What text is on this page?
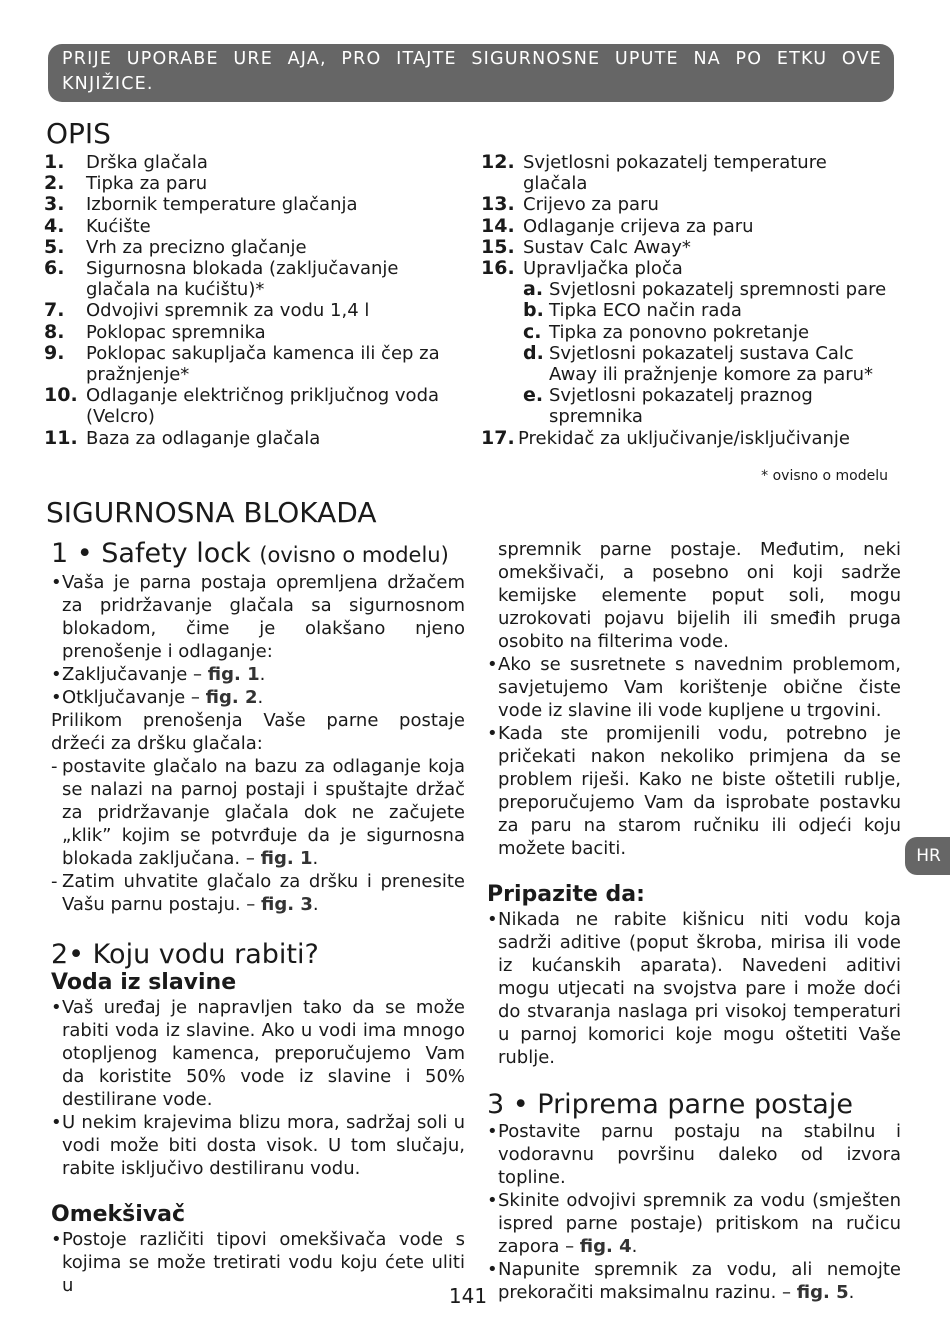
PRIJE UPORABE URE AJA, PRO ITAJTE SIGURNOSNE UPUTE NA PO ETKU OVE KNJIŽICE.
OPIS
1. Drška glačala
2. Tipka za paru
3. Izbornik temperature glačanja
4. Kućište
5. Vrh za precizno glačanje
6. Sigurnosna blokada (zaključavanje glačala na kućištu)*
7. Odvojivi spremnik za vodu 1,4 l
8. Poklopac spremnika
9. Poklopac sakupljača kamenca ili čep za pražnjenje*
10. Odlaganje električnog priključnog voda (Velcro)
11. Baza za odlaganje glačala
12. Svjetlosni pokazatelj temperature glačala
13. Crijevo za paru
14. Odlaganje crijeva za paru
15. Sustav Calc Away*
16. Upravljačka ploča
a. Svjetlosni pokazatelj spremnosti pare
b. Tipka ECO način rada
c. Tipka za ponovno pokretanje
d. Svjetlosni pokazatelj sustava Calc Away ili pražnjenje komore za paru*
e. Svjetlosni pokazatelj praznog spremnika
17. Prekidač za uključivanje/isključivanje
* ovisno o modelu
SIGURNOSNA BLOKADA
1 • Safety lock (ovisno o modelu)
• Vaša je parna postaja opremljena držačem za pridržavanje glačala sa sigurnosnom blokadom, čime je olakšano njeno prenošenje i odlaganje:
• Zaključavanje – fig. 1.
• Otključavanje – fig. 2.

Prilikom prenošenja Vaše parne postaje držeći za dršku glačala:

- postavite glačalo na bazu za odlaganje koja se nalazi na parnoj postaji i spuštajte držač za pridržavanje glačala dok ne začujete „klik” kojim se potvrđuje da je sigurnosna blokada zaključana. – fig. 1.
- Zatim uhvatite glačalo za dršku i prenesite Vašu parnu postaju. – fig. 3.
2• Koju vodu rabiti?
Voda iz slavine
• Vaš uređaj je napravljen tako da se može rabiti voda iz slavine. Ako u vodi ima mnogo otopljenog kamenca, preporučujemo Vam da koristite 50% vode iz slavine i 50% destilirane vode.
• U nekim krajevima blizu mora, sadržaj soli u vodi može biti dosta visok. U tom slučaju, rabite isključivo destiliranu vodu.
Omekšivač
• Postoje različiti tipovi omekšivača vode s kojima se može tretirati vodu koju ćete uliti u

spremnik parne postaje. Međutim, neki omekšivači, a posebno oni koji sadrže kemijske elemente poput soli, mogu uzrokovati pojavu bijelih ili smeđih pruga osobito na filterima vode.

• Ako se susretnete s navednim problemom, savjetujemo Vam korištenje obične čiste vode iz slavine ili vode kupljene u trgovini.
• Kada ste promijenili vodu, potrebno je pričekati nakon nekoliko primjena da se problem riješi. Kako ne biste oštetili rublje, preporučujemo Vam da isprobate postavku za paru na starom ručniku ili odjeći koju možete baciti.
Pripazite da:
• Nikada ne rabite kišnicu niti vodu koja sadrži aditive (poput škroba, mirisa ili vode iz kućanskih aparata). Navedeni aditivi mogu utjecati na svojstva pare i može doći do stvaranja naslaga pri visokoj temperaturi u parnoj komorici koje mogu oštetiti Vaše rublje.
3 • Priprema parne postaje
• Postavite parnu postaju na stabilnu i vodoravnu površinu daleko od izvora topline.
• Skinite odvojivi spremnik za vodu (smješten ispred parne postaje) pritiskom na ručicu zapora – fig. 4.
• Napunite spremnik za vodu, ali nemojte prekoračiti maksimalnu razinu. – fig. 5.
HR
141
